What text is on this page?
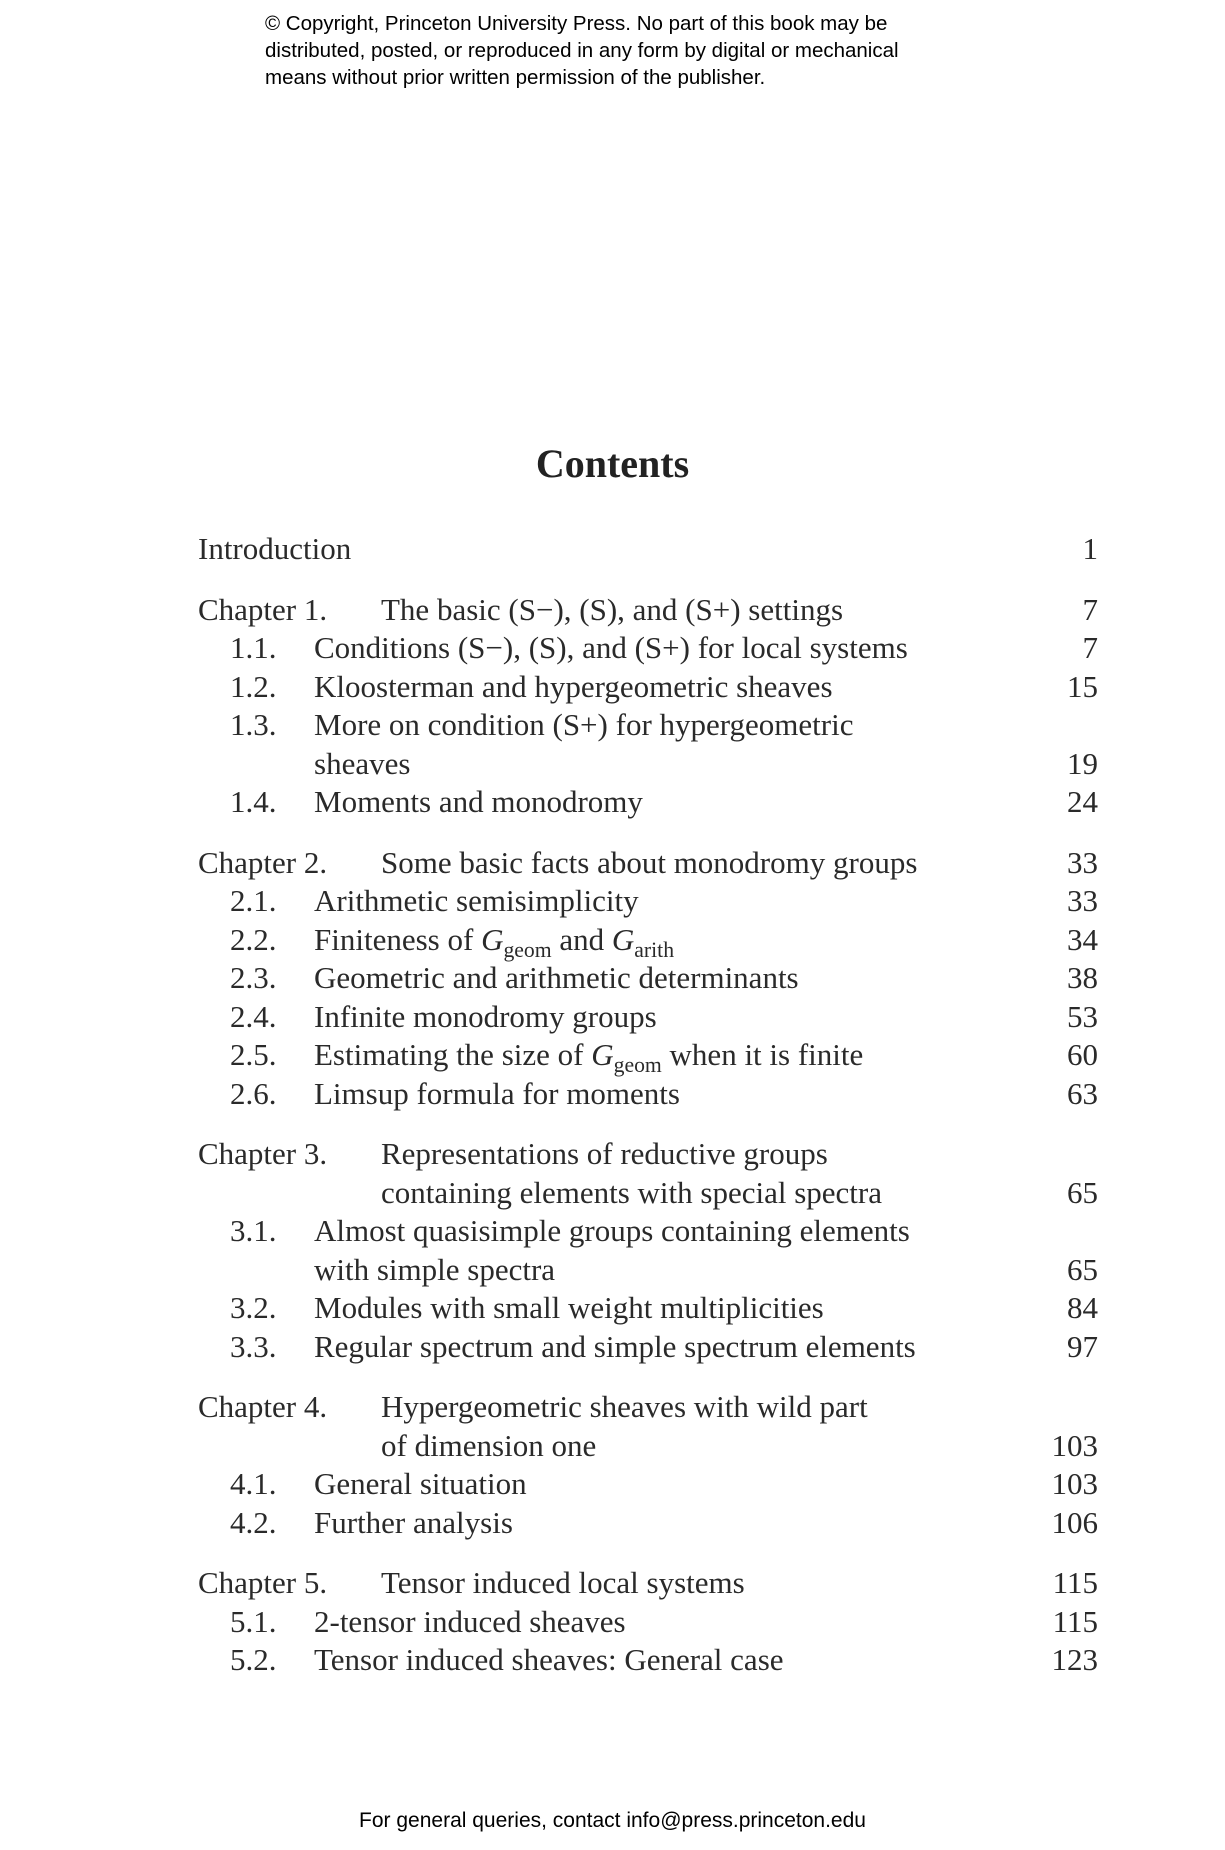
© Copyright, Princeton University Press. No part of this book may be
distributed, posted, or reproduced in any form by digital or mechanical
means without prior written permission of the publisher.
Contents
Introduction	1
Chapter 1. The basic (S−), (S), and (S+) settings	7
1.1. Conditions (S−), (S), and (S+) for local systems	7
1.2. Kloosterman and hypergeometric sheaves	15
1.3. More on condition (S+) for hypergeometric
sheaves	19
1.4. Moments and monodromy	24
Chapter 2. Some basic facts about monodromy groups	33
2.1. Arithmetic semisimplicity	33
2.2. Finiteness of $G_{geom}$ and $G_{arith}$	34
2.3. Geometric and arithmetic determinants	38
2.4. Infinite monodromy groups	53
2.5. Estimating the size of $G_{geom}$ when it is finite	60
2.6. Limsup formula for moments	63
Chapter 3. Representations of reductive groups
containing elements with special spectra	65
3.1. Almost quasisimple groups containing elements
with simple spectra	65
3.2. Modules with small weight multiplicities	84
3.3. Regular spectrum and simple spectrum elements	97
Chapter 4. Hypergeometric sheaves with wild part
of dimension one	103
4.1. General situation	103
4.2. Further analysis	106
Chapter 5. Tensor induced local systems	115
5.1. 2-tensor induced sheaves	115
5.2. Tensor induced sheaves: General case	123
For general queries, contact info@press.princeton.edu
